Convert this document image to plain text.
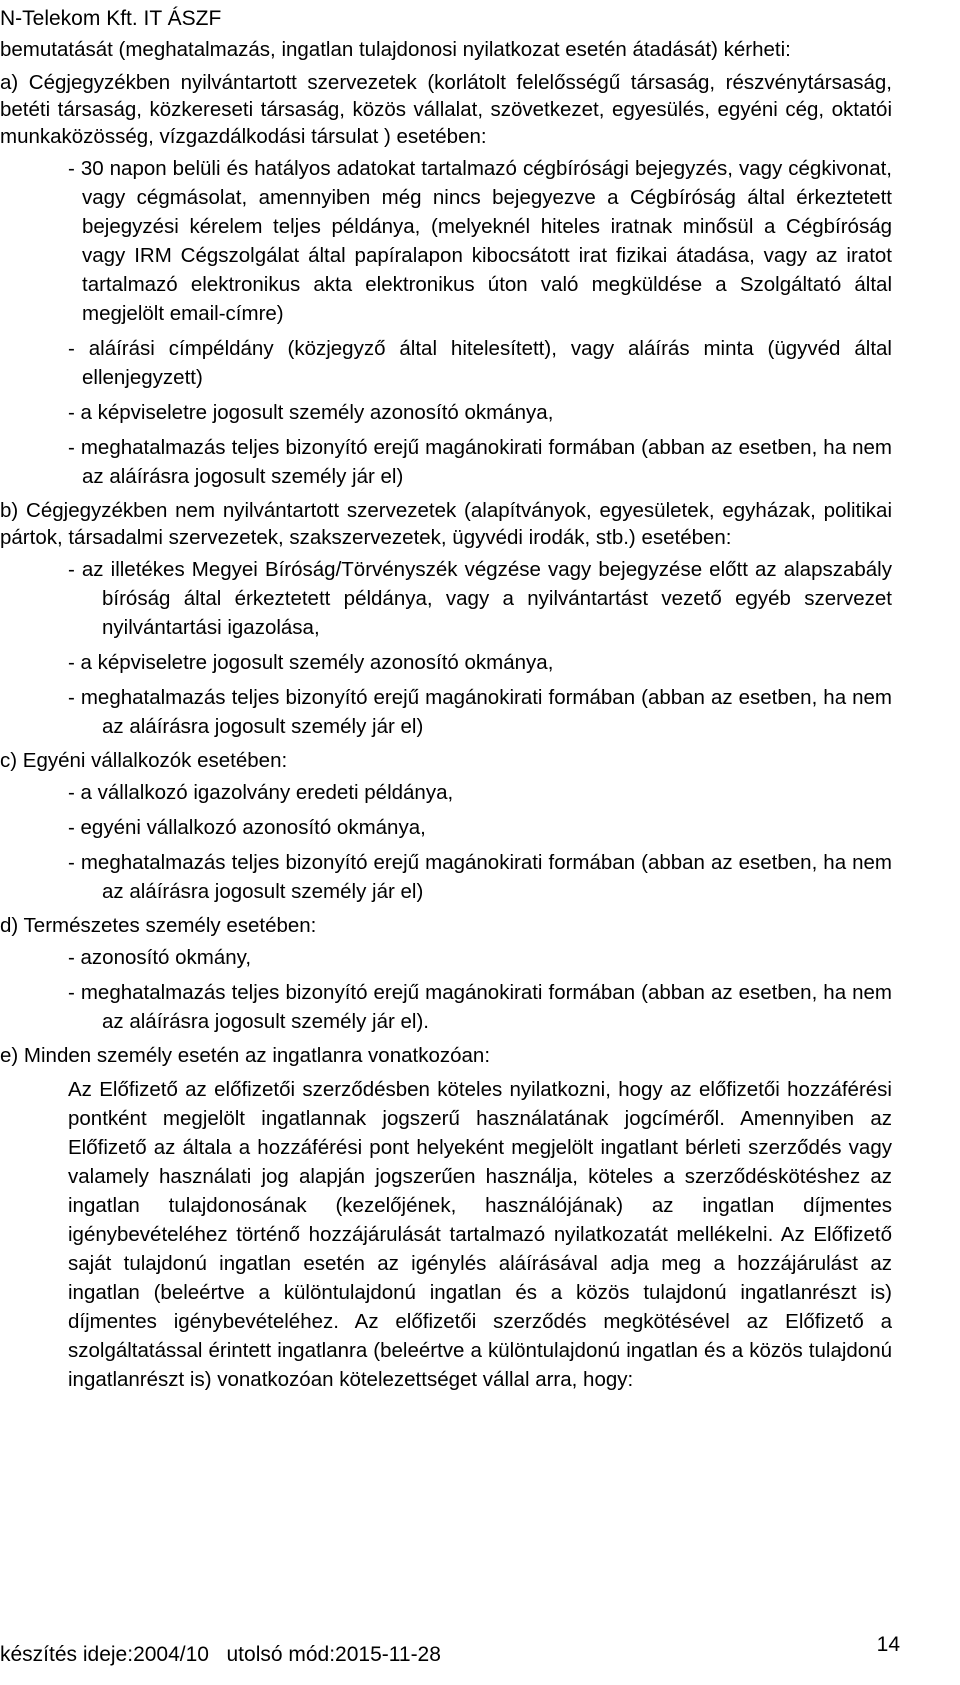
N-Telekom Kft. IT ÁSZF

bemutatását (meghatalmazás, ingatlan tulajdonosi nyilatkozat esetén átadását) kérheti:

a) Cégjegyzékben nyilvántartott szervezetek (korlátolt felelősségű társaság, részvénytársaság, betéti társaság, közkereseti társaság, közös vállalat, szövetkezet, egyesülés, egyéni cég, oktatói munkaközösség, vízgazdálkodási társulat ) esetében:

- 30 napon belüli és hatályos adatokat tartalmazó cégbírósági bejegyzés, vagy cégkivonat, vagy cégmásolat, amennyiben még nincs bejegyezve a Cégbíróság által érkeztetett bejegyzési kérelem teljes példánya, (melyeknél hiteles iratnak minősül a Cégbíróság vagy IRM Cégszolgálat által papíralapon kibocsátott irat fizikai átadása, vagy az iratot tartalmazó elektronikus akta elektronikus úton való megküldése a Szolgáltató által megjelölt email-címre)
- aláírási címpéldány (közjegyző által hitelesített), vagy aláírás minta (ügyvéd által ellenjegyzett)
- a képviseletre jogosult személy azonosító okmánya,
- meghatalmazás teljes bizonyító erejű magánokirati formában (abban az esetben, ha nem az aláírásra jogosult személy jár el)

b) Cégjegyzékben nem nyilvántartott szervezetek (alapítványok, egyesületek, egyházak, politikai pártok, társadalmi szervezetek, szakszervezetek, ügyvédi irodák, stb.) esetében:

- az illetékes Megyei Bíróság/Törvényszék végzése vagy bejegyzése előtt az alapszabály bíróság által érkeztetett példánya, vagy a nyilvántartást vezető egyéb szervezet nyilvántartási igazolása,
- a képviseletre jogosult személy azonosító okmánya,
- meghatalmazás teljes bizonyító erejű magánokirati formában (abban az esetben, ha nem az aláírásra jogosult személy jár el)

c) Egyéni vállalkozók esetében:

- a vállalkozó igazolvány eredeti példánya,
- egyéni vállalkozó azonosító okmánya,
- meghatalmazás teljes bizonyító erejű magánokirati formában (abban az esetben, ha nem az aláírásra jogosult személy jár el)

d) Természetes személy esetében:

- azonosító okmány,
- meghatalmazás teljes bizonyító erejű magánokirati formában (abban az esetben, ha nem az aláírásra jogosult személy jár el).

e) Minden személy esetén az ingatlanra vonatkozóan:

Az Előfizető az előfizetői szerződésben köteles nyilatkozni, hogy az előfizetői hozzáférési pontként megjelölt ingatlannak jogszerű használatának jogcíméről. Amennyiben az Előfizető az általa a hozzáférési pont helyeként megjelölt ingatlant bérleti szerződés vagy valamely használati jog alapján jogszerűen használja, köteles a szerződéskötéshez az ingatlan tulajdonosának (kezelőjének, használójának) az ingatlan díjmentes igénybevételéhez történő hozzájárulását tartalmazó nyilatkozatát mellékelni. Az Előfizető saját tulajdonú ingatlan esetén az igénylés aláírásával adja meg a hozzájárulást az ingatlan (beleértve a különtulajdonú ingatlan és a közös tulajdonú ingatlanrészt is) díjmentes igénybevételéhez. Az előfizetői szerződés megkötésével az Előfizető a szolgáltatással érintett ingatlanra (beleértve a különtulajdonú ingatlan és a közös tulajdonú ingatlanrészt is) vonatkozóan kötelezettséget vállal arra, hogy:

készítés ideje:2004/10 utolsó mód:2015-11-28	14
